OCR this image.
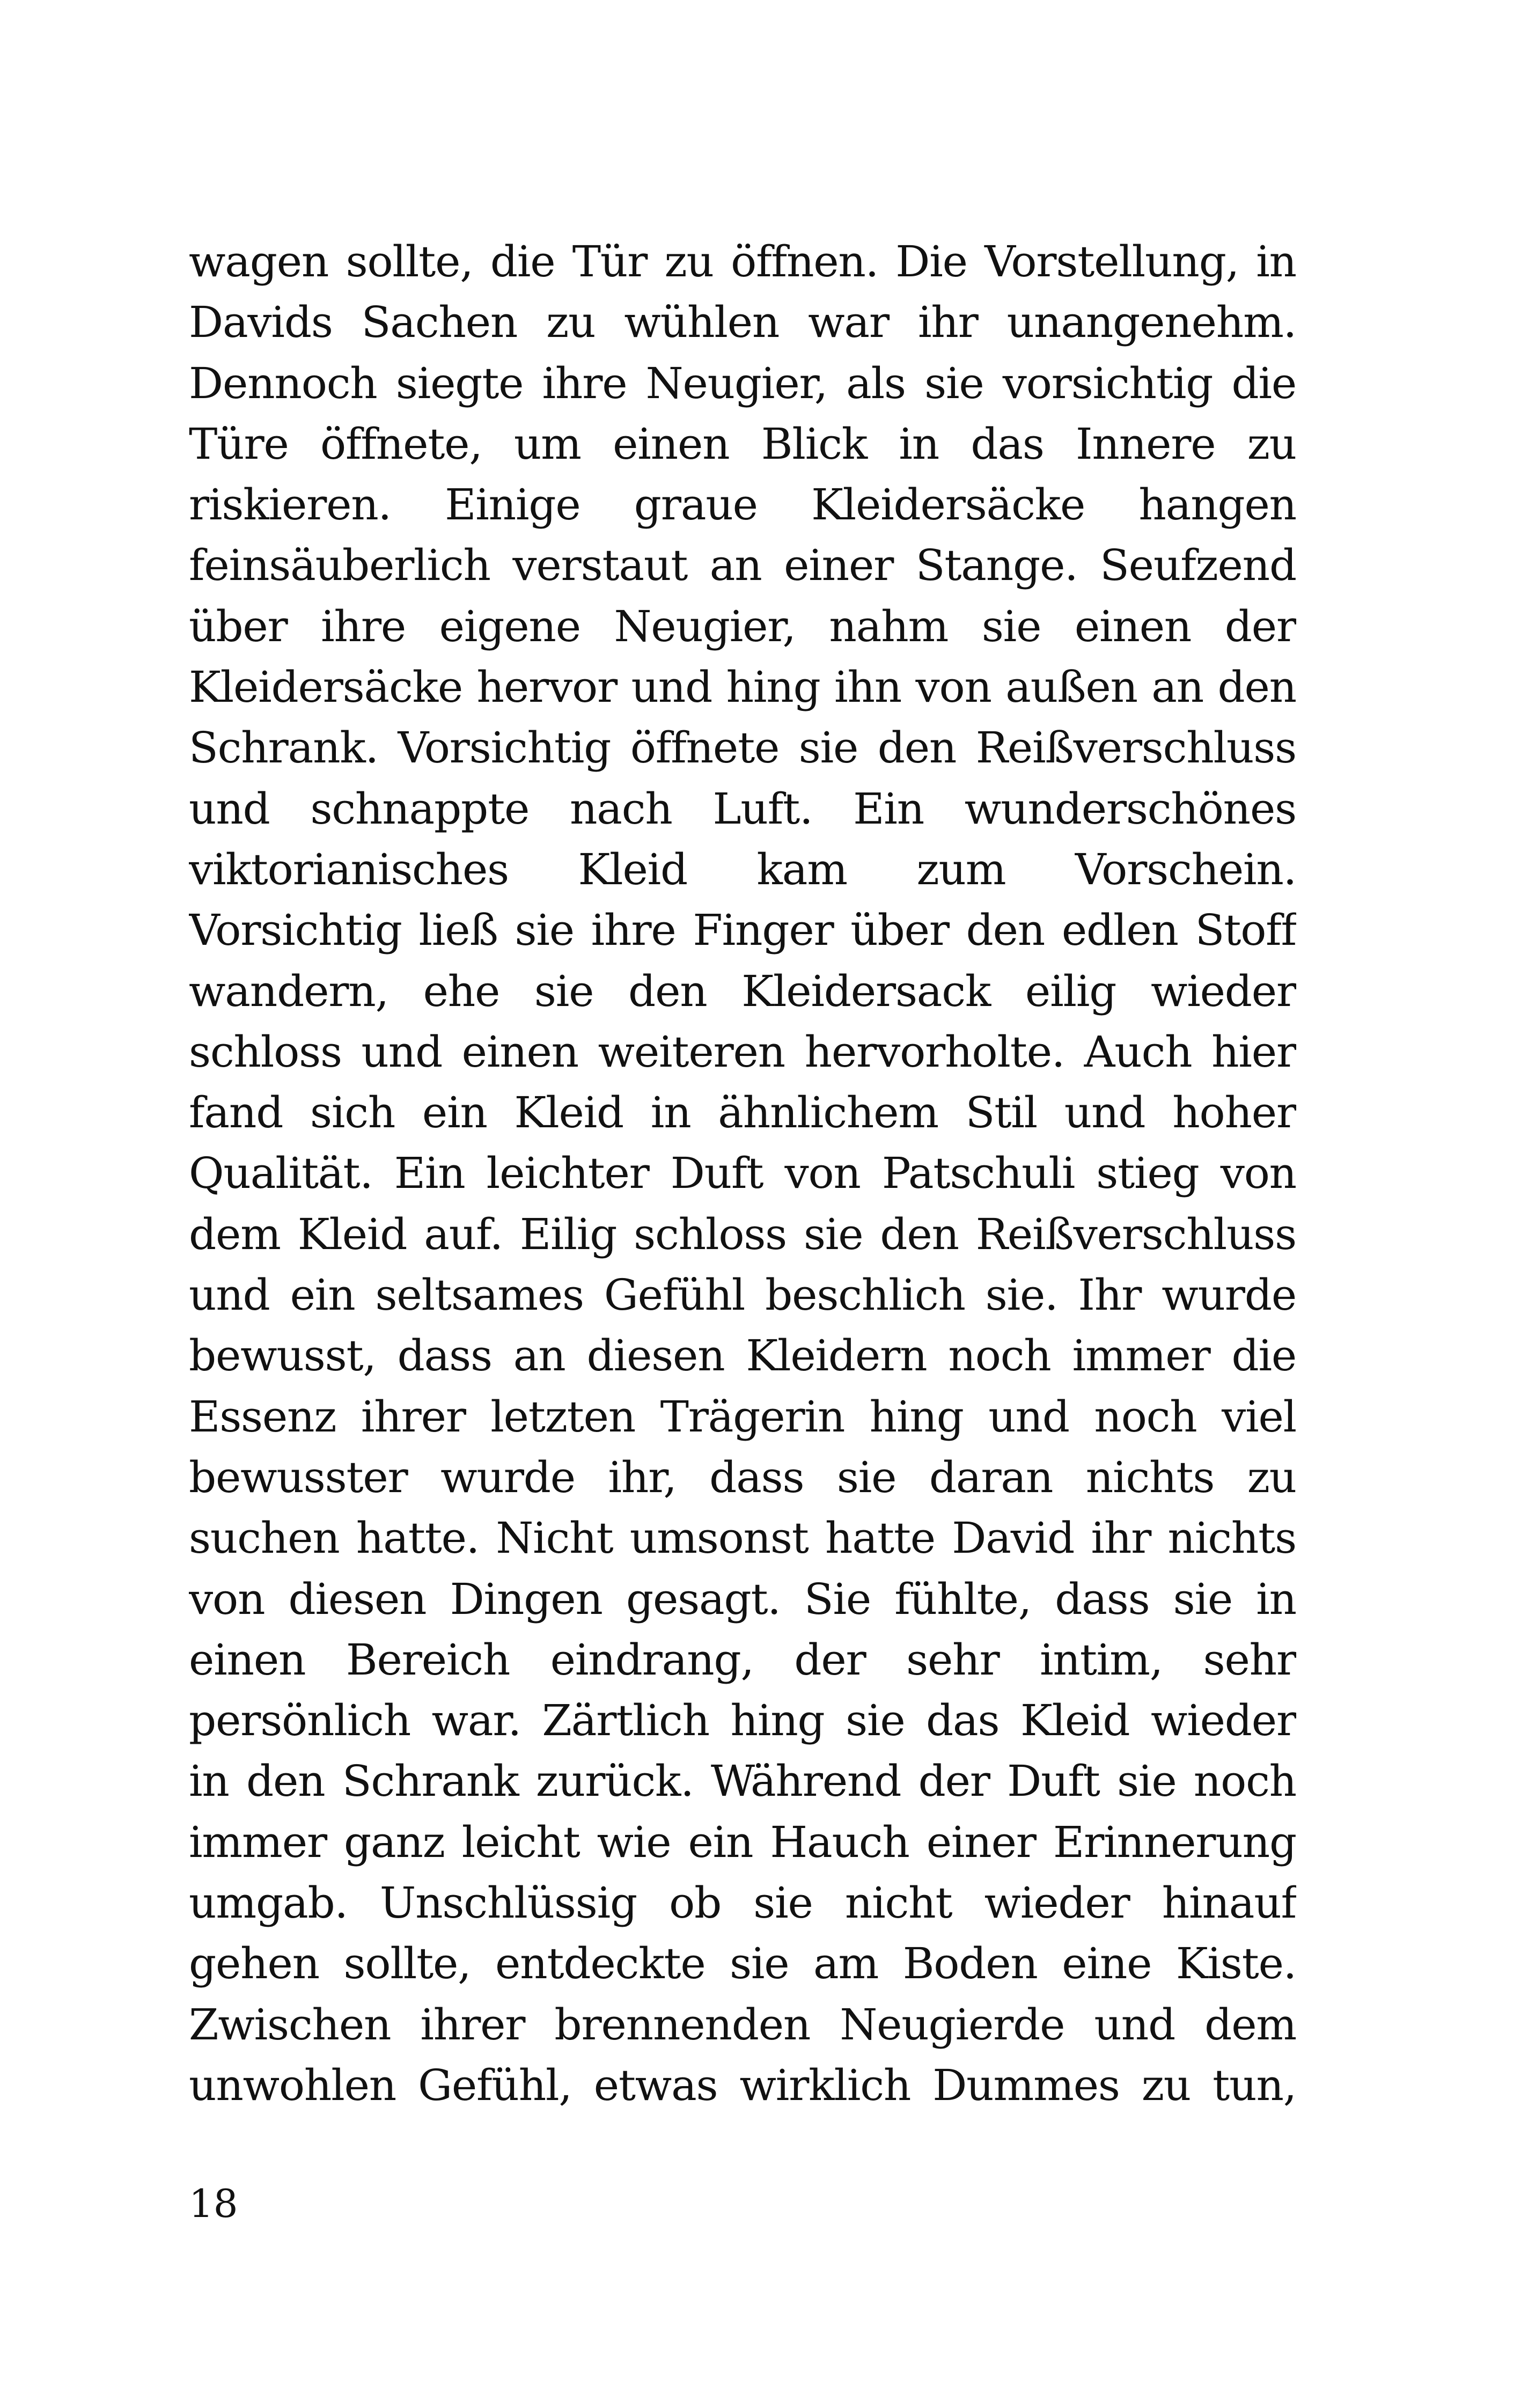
wagen sollte, die Tür zu öffnen. Die Vorstellung, in
Davids Sachen zu wühlen war ihr unangenehm.
Dennoch siegte ihre Neugier, als sie vorsichtig die
Türe öffnete, um einen Blick in das Innere zu
riskieren. Einige graue Kleidersäcke hangen
feinsäuberlich verstaut an einer Stange. Seufzend
über ihre eigene Neugier, nahm sie einen der
Kleidersäcke hervor und hing ihn von außen an den
Schrank. Vorsichtig öffnete sie den Reißverschluss
und schnappte nach Luft. Ein wunderschönes
viktorianisches Kleid kam zum Vorschein.
Vorsichtig ließ sie ihre Finger über den edlen Stoff
wandern, ehe sie den Kleidersack eilig wieder
schloss und einen weiteren hervorholte. Auch hier
fand sich ein Kleid in ähnlichem Stil und hoher
Qualität. Ein leichter Duft von Patschuli stieg von
dem Kleid auf. Eilig schloss sie den Reißverschluss
und ein seltsames Gefühl beschlich sie. Ihr wurde
bewusst, dass an diesen Kleidern noch immer die
Essenz ihrer letzten Trägerin hing und noch viel
bewusster wurde ihr, dass sie daran nichts zu
suchen hatte. Nicht umsonst hatte David ihr nichts
von diesen Dingen gesagt. Sie fühlte, dass sie in
einen Bereich eindrang, der sehr intim, sehr
persönlich war. Zärtlich hing sie das Kleid wieder
in den Schrank zurück. Während der Duft sie noch
immer ganz leicht wie ein Hauch einer Erinnerung
umgab. Unschlüssig ob sie nicht wieder hinauf
gehen sollte, entdeckte sie am Boden eine Kiste.
Zwischen ihrer brennenden Neugierde und dem
unwohlen Gefühl, etwas wirklich Dummes zu tun,
18
